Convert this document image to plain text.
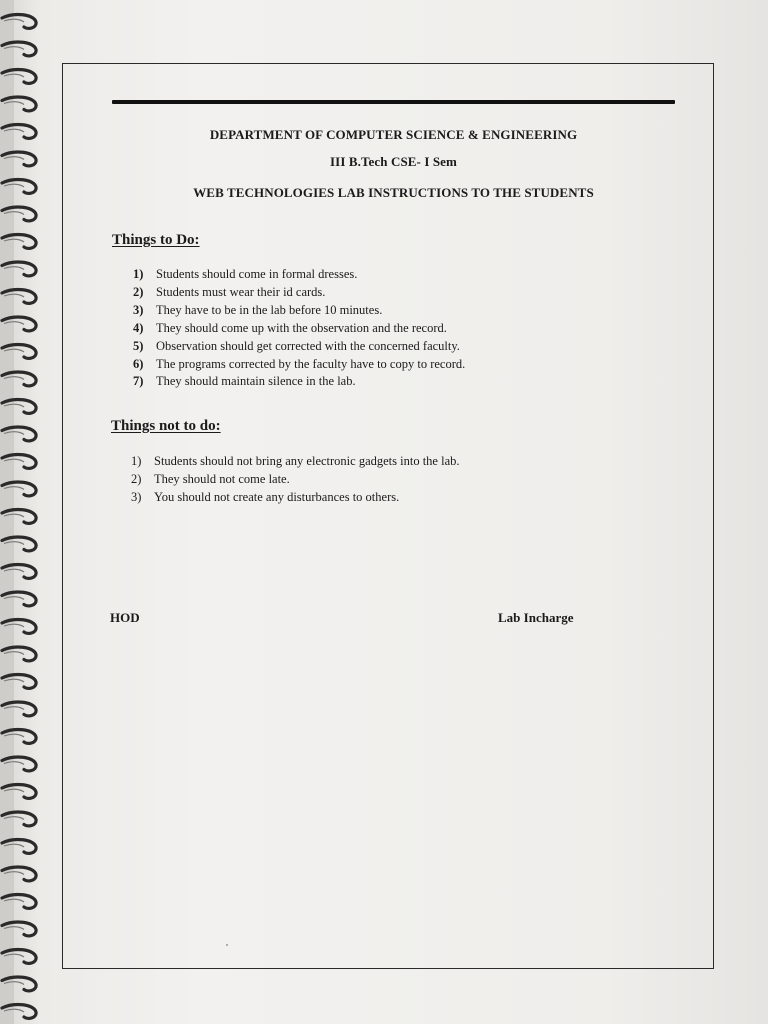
DEPARTMENT OF COMPUTER SCIENCE & ENGINEERING
III B.Tech CSE- I Sem
WEB TECHNOLOGIES LAB INSTRUCTIONS TO THE STUDENTS
Things to Do:
1)	Students should come in formal dresses.
2)	Students must wear their id cards.
3)	They have to be in the lab before 10 minutes.
4)	They should come up with the observation and the record.
5)	Observation should get corrected with the concerned faculty.
6)	The programs corrected by the faculty have to copy to record.
7)	They should maintain silence in the lab.
Things not to do:
1)	Students should not bring any electronic gadgets into the lab.
2)	They should not come late.
3)	You should not create any disturbances to others.
HOD	Lab Incharge
